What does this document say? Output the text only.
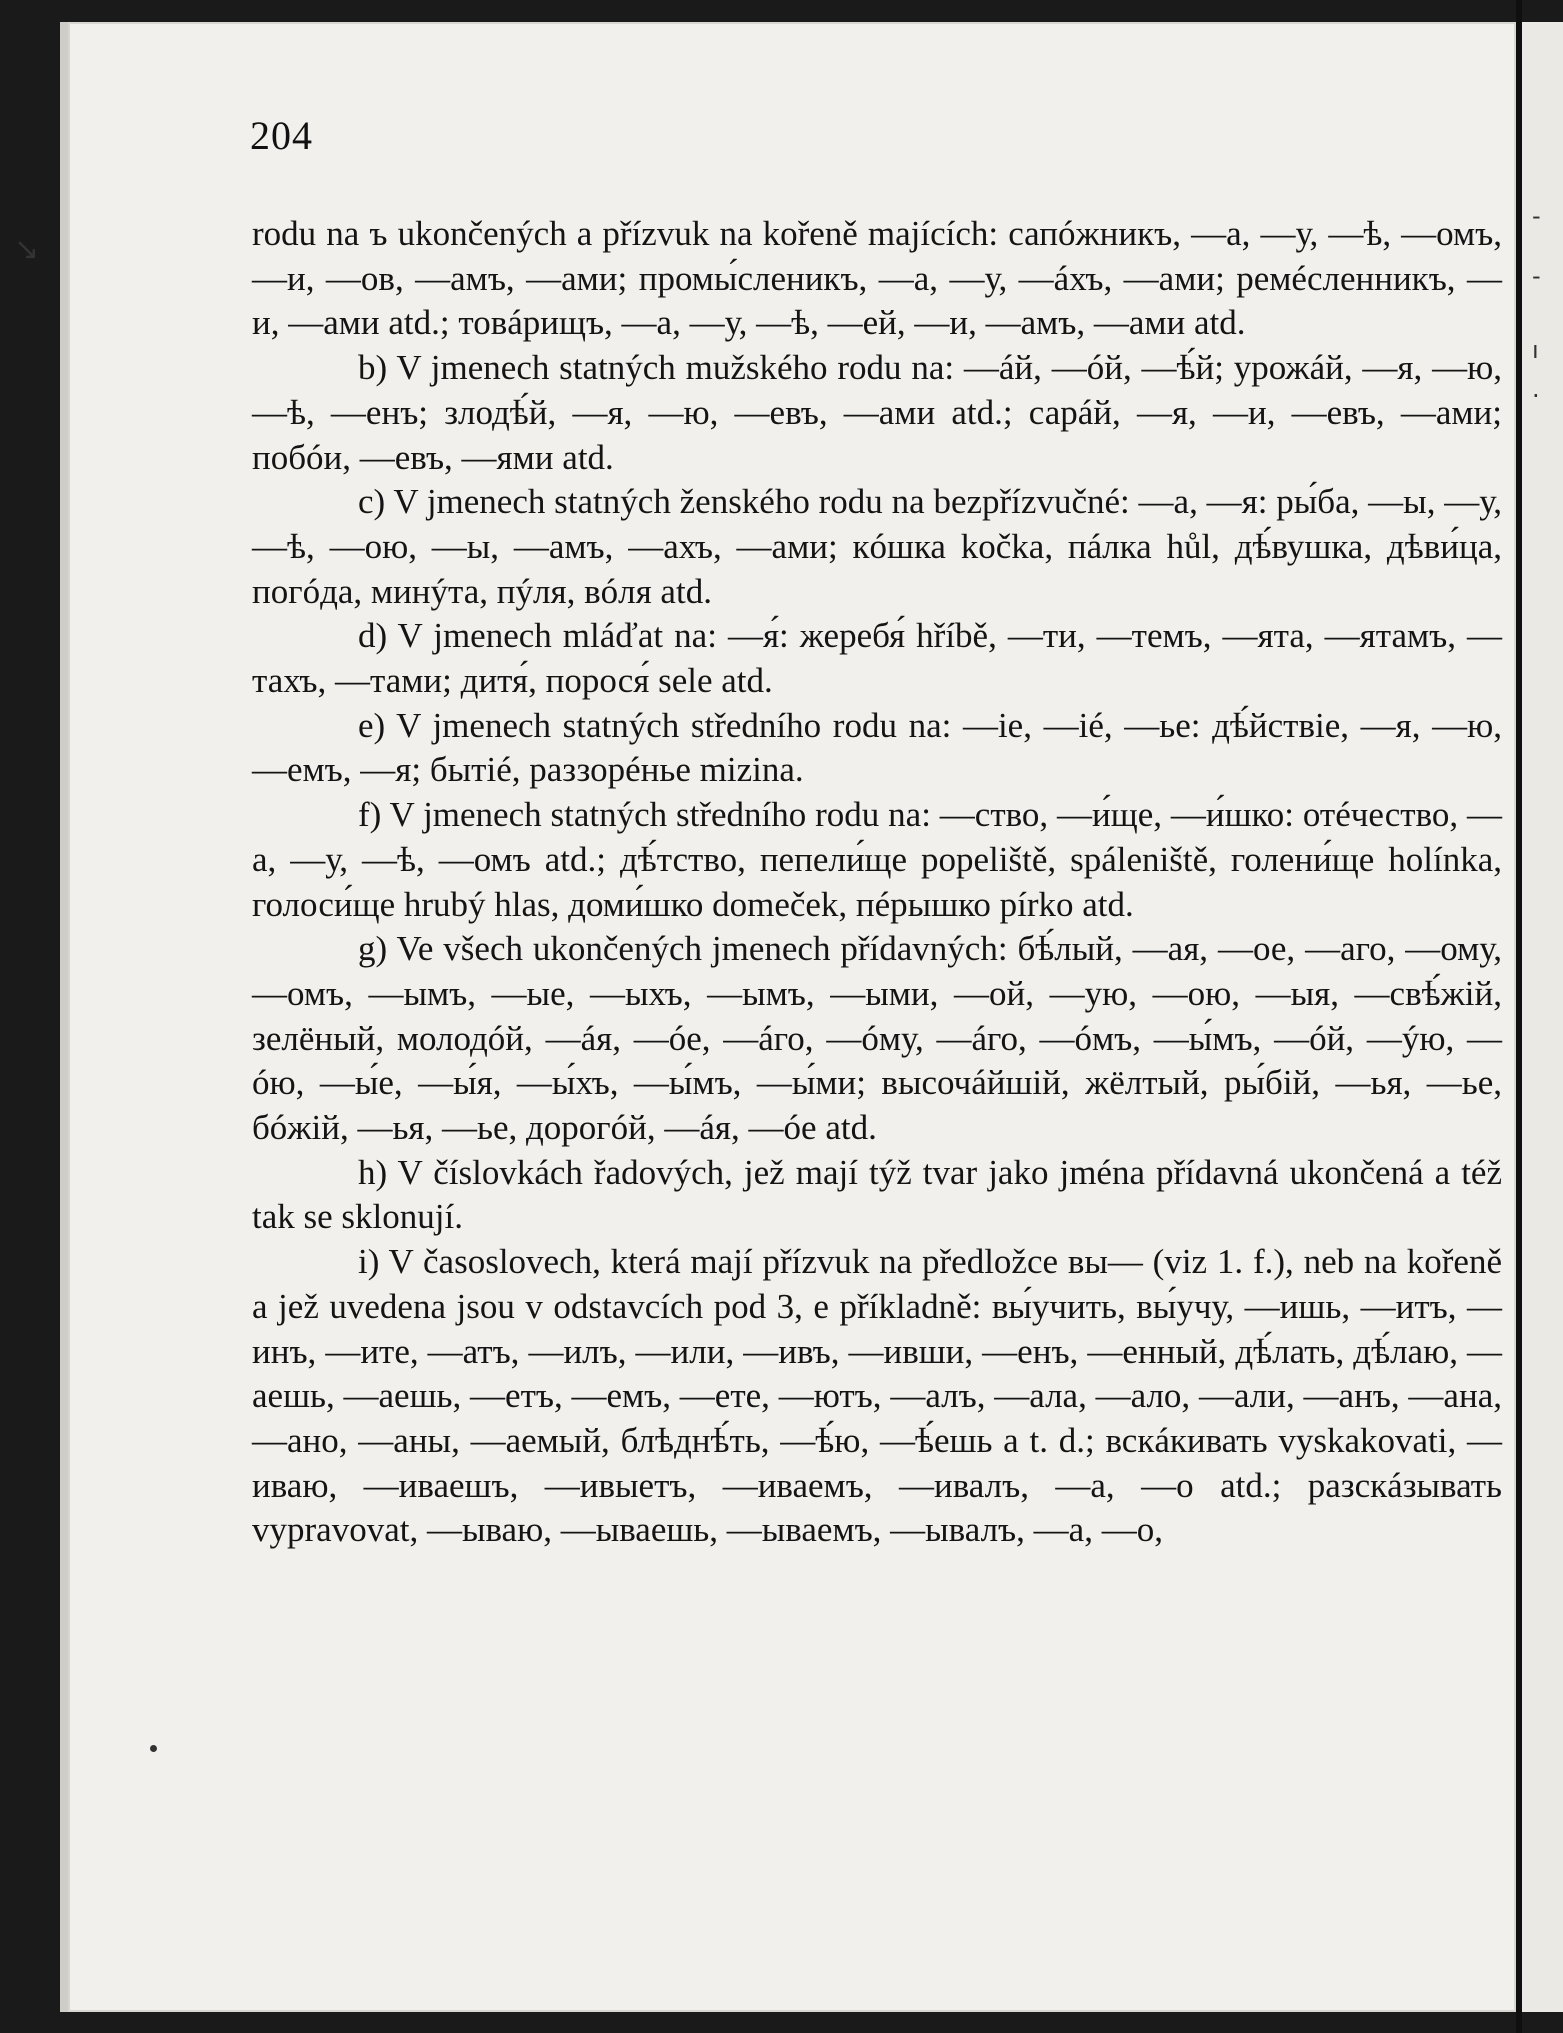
↘
-
-
ı
·
204

rodu na ъ ukončených a přízvuk na kořeně majících: сапóжникъ, —а, —у, —ѣ, —омъ, —и, —ов, —амъ, —ами; промы́сленикъ, —а, —у, —áхъ, —ами; ремéсленникъ, —и, —ами atd.; товáрищъ, —а, —у, —ѣ, —ей, —и, —амъ, —ами atd.

b) V jmenech statných mužského rodu na: —áй, —óй, —ѣ́й; урожáй, —я, —ю, —ѣ, —енъ; злодѣ́й, —я, —ю, —евъ, —ами atd.; сарáй, —я, —и, —евъ, —ами; побóи, —евъ, —ями atd.

c) V jmenech statných ženského rodu na bezpřízvučné: —а, —я: ры́ба, —ы, —у, —ѣ, —ою, —ы, —амъ, —ахъ, —ами; кóшка kočka, пáлка hůl, дѣ́вушка, дѣви́ца, погóда, минýта, пýля, вóля atd.

d) V jmenech mláďat na: —я́: жеребя́ hříbě, —ти, —темъ, —ята, —ятамъ, —тахъ, —тами; дитя́, порося́ sele atd.

e) V jmenech statných středního rodu na: —iе, —ié, —ье: дѣ́йствіе, —я, —ю, —емъ, —я; бытié, раззорéнье mizina.

f) V jmenech statných středního rodu na: —ство, —и́ще, —и́шко: отéчество, —а, —у, —ѣ, —омъ atd.; дѣ́тство, пепели́ще popeliště, spáleniště, голени́ще holínka, голоси́ще hrubý hlas, доми́шко domeček, пéрышко pírko atd.

g) Ve všech ukončených jmenech přídavných: бѣ́лый, —ая, —ое, —аго, —ому, —омъ, —ымъ, —ые, —ыхъ, —ымъ, —ыми, —ой, —ую, —ою, —ыя, —свѣ́жій, зелёный, молодóй, —áя, —óе, —áго, —óму, —áго, —óмъ, —ы́мъ, —óй, —ýю, —óю, —ы́е, —ы́я, —ы́хъ, —ы́мъ, —ы́ми; высочáйшій, жёлтый, ры́бій, —ья, —ье, бóжій, —ья, —ье, дорогóй, —áя, —óе atd.

h) V číslovkách řadových, jež mají týž tvar jako jména přídavná ukončená a též tak se sklonují.

i) V časoslovech, která mají přízvuk na předložce вы— (viz 1. f.), neb na kořeně a jež uvedena jsou v odstavcích pod 3, e příkladně: вы́учить, вы́учу, —ишь, —итъ, —инъ, —ите, —атъ, —илъ, —или, —ивъ, —ивши, —енъ, —енный, дѣ́лать, дѣ́лаю, —аешь, —аешь, —етъ, —емъ, —ете, —ютъ, —алъ, —ала, —ало, —али, —анъ, —ана, —ано, —аны, —аемый, блѣднѣ́ть, —ѣ́ю, —ѣ́ешь a t. d.; вскáкивать vyskakovati, —иваю, —иваешъ, —ивыетъ, —иваемъ, —ивалъ, —а, —о atd.; разскáзывать vypravovat, —ываю, —ываешь, —ываемъ, —ывалъ, —а, —о,
